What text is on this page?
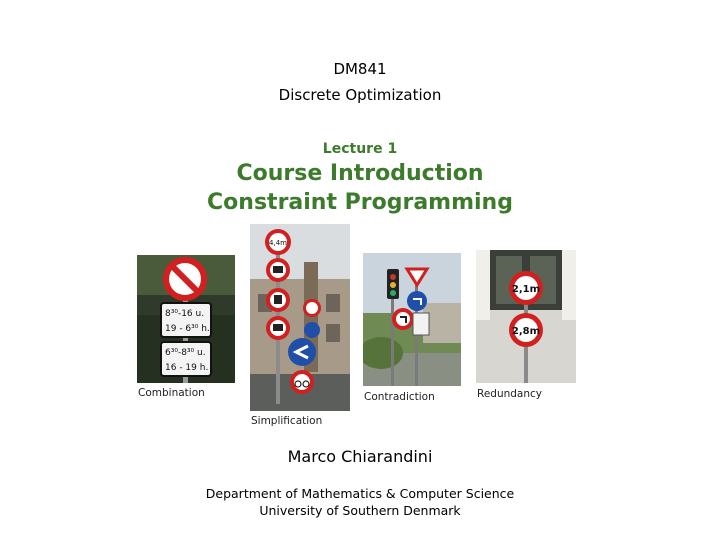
DM841
Discrete Optimization
Lecture 1
Course Introduction
Constraint Programming
8³⁰-16 u.
19 - 6³⁰ h.
6³⁰-8³⁰ u.
16 - 19 h.
Combination
4,4m
Simplification
Contradiction
2,1m
2,8m
Redundancy
Marco Chiarandini
Department of Mathematics & Computer Science
University of Southern Denmark
